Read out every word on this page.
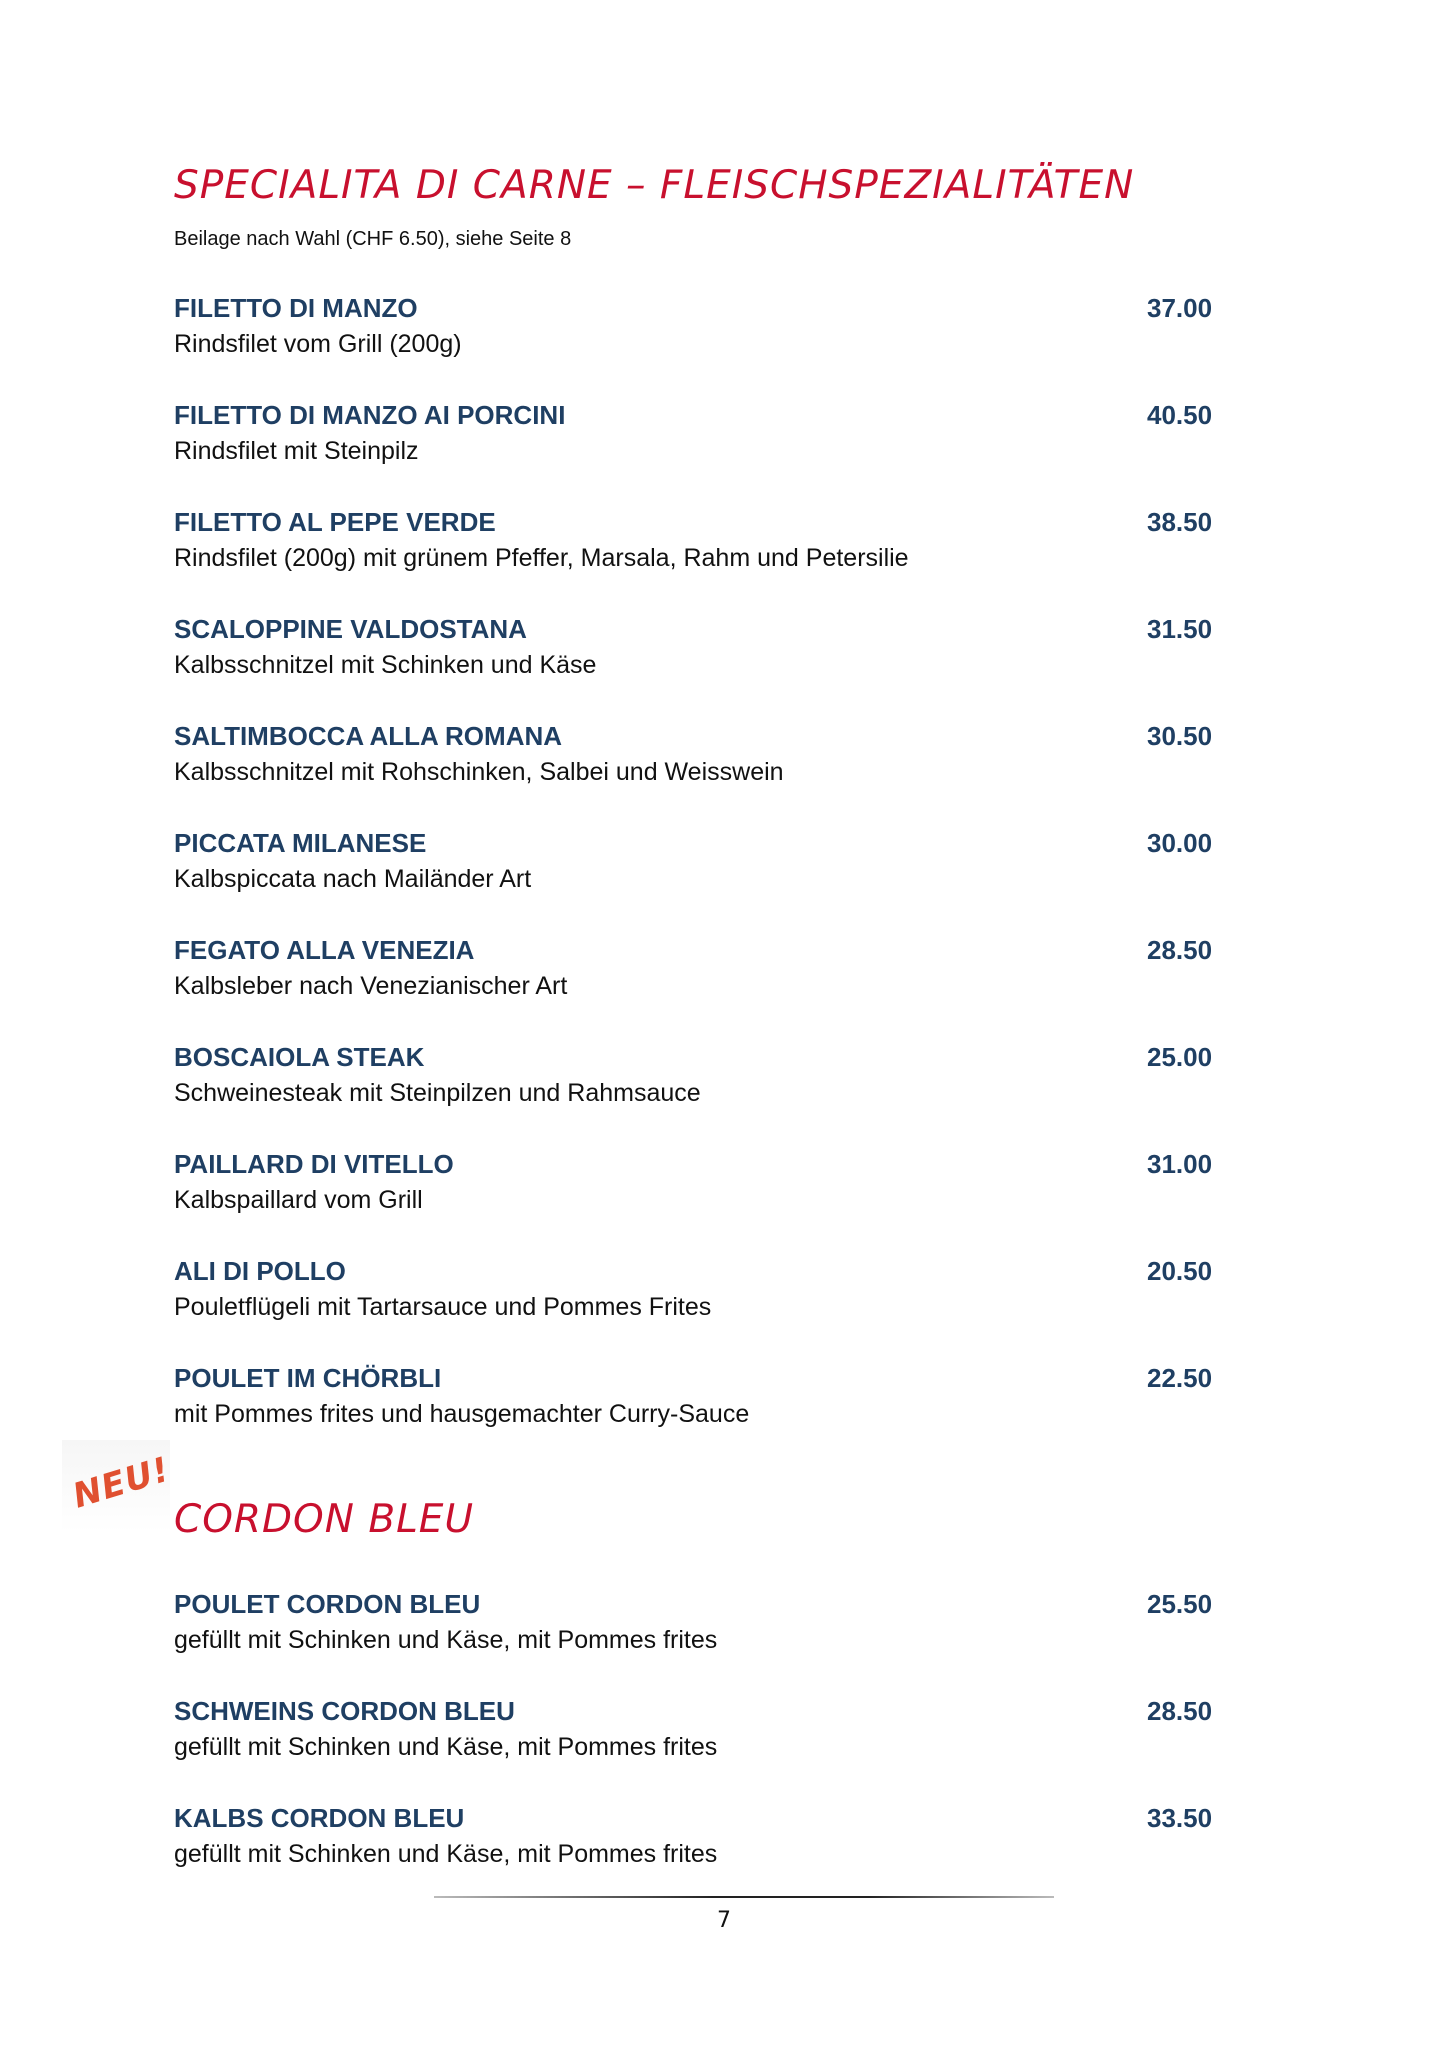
SPECIALITA DI CARNE – FLEISCHSPEZIALITÄTEN
Beilage nach Wahl (CHF 6.50), siehe Seite 8
FILETTO DI MANZO	37.00
Rindsfilet vom Grill (200g)
FILETTO DI MANZO AI PORCINI	40.50
Rindsfilet mit Steinpilz
FILETTO AL PEPE VERDE	38.50
Rindsfilet (200g) mit grünem Pfeffer, Marsala, Rahm und Petersilie
SCALOPPINE VALDOSTANA	31.50
Kalbsschnitzel mit Schinken und Käse
SALTIMBOCCA ALLA ROMANA	30.50
Kalbsschnitzel mit Rohschinken, Salbei und Weisswein
PICCATA MILANESE	30.00
Kalbspiccata nach Mailänder Art
FEGATO ALLA VENEZIA	28.50
Kalbsleber nach Venezianischer Art
BOSCAIOLA STEAK	25.00
Schweinesteak mit Steinpilzen und Rahmsauce
PAILLARD DI VITELLO	31.00
Kalbspaillard vom Grill
ALI DI POLLO	20.50
Pouletflügeli mit Tartarsauce und Pommes Frites
POULET IM CHÖRBLI	22.50
mit Pommes frites und hausgemachter Curry-Sauce
NEU!
CORDON BLEU
POULET CORDON BLEU	25.50
gefüllt mit Schinken und Käse, mit Pommes frites
SCHWEINS CORDON BLEU	28.50
gefüllt mit Schinken und Käse, mit Pommes frites
KALBS CORDON BLEU	33.50
gefüllt mit Schinken und Käse, mit Pommes frites
7
